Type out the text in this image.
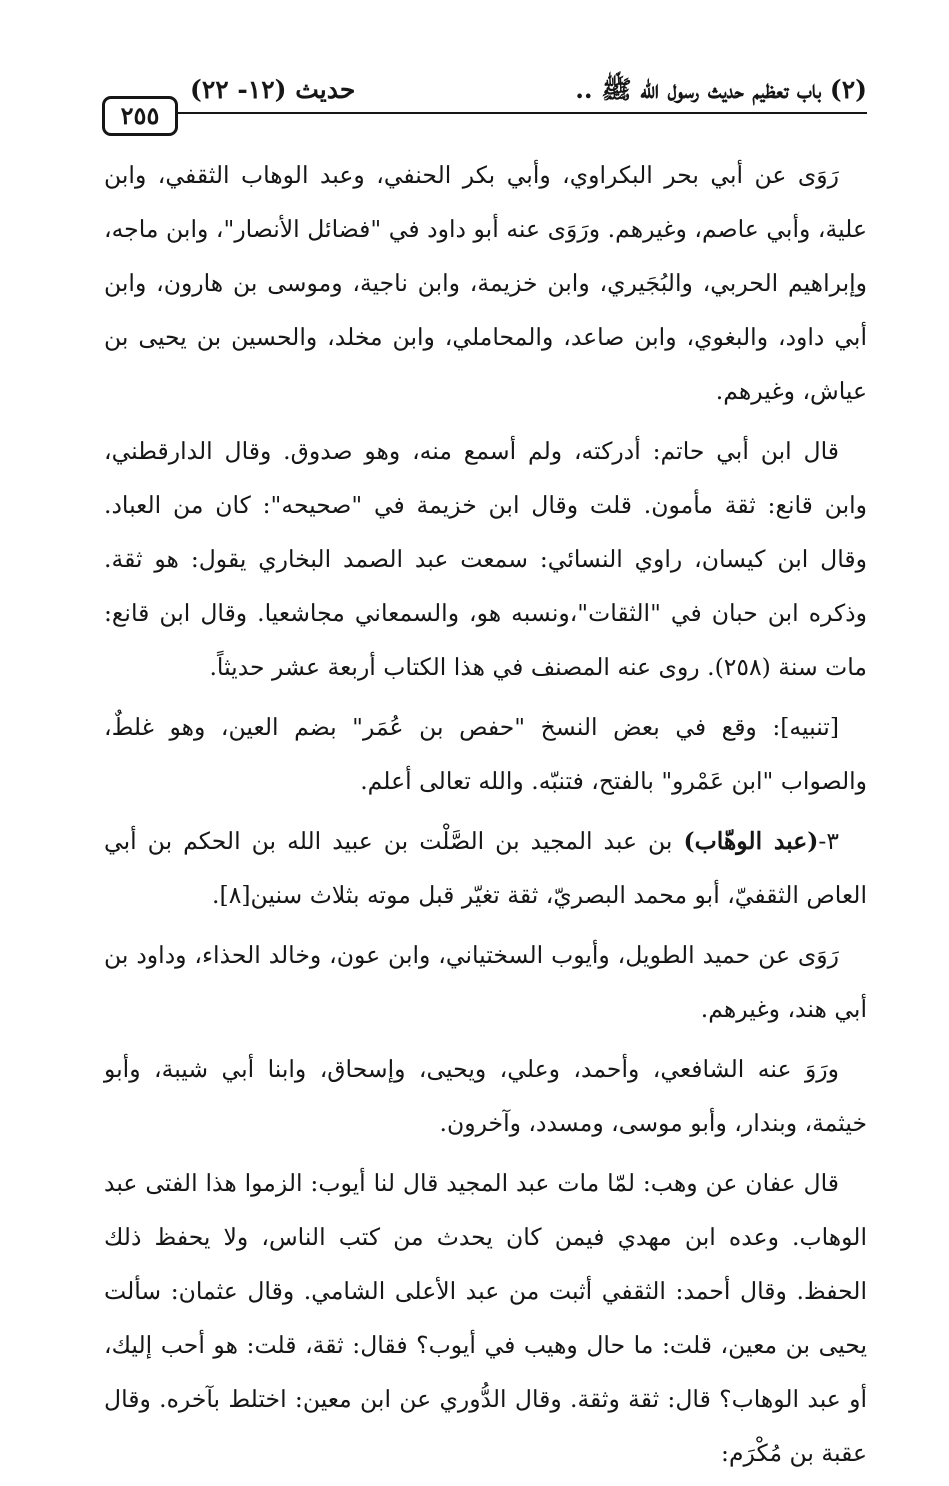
(٢) باب تعظيم حديث رسول الله ﷺ ..
حديث (١٢- ٢٢)
٢٥٥

رَوَى عن أبي بحر البكراوي، وأبي بكر الحنفي، وعبد الوهاب الثقفي، وابن علية، وأبي عاصم، وغيرهم. ورَوَى عنه أبو داود في "فضائل الأنصار"، وابن ماجه، وإبراهيم الحربي، والبُجَيري، وابن خزيمة، وابن ناجية، وموسى بن هارون، وابن أبي داود، والبغوي، وابن صاعد، والمحاملي، وابن مخلد، والحسين بن يحيى بن عياش، وغيرهم.

قال ابن أبي حاتم: أدركته، ولم أسمع منه، وهو صدوق. وقال الدارقطني، وابن قانع: ثقة مأمون. قلت وقال ابن خزيمة في "صحيحه": كان من العباد. وقال ابن كيسان، راوي النسائي: سمعت عبد الصمد البخاري يقول: هو ثقة. وذكره ابن حبان في "الثقات"،ونسبه هو، والسمعاني مجاشعيا. وقال ابن قانع: مات سنة (٢٥٨). روى عنه المصنف في هذا الكتاب أربعة عشر حديثاً.

[تنبيه]: وقع في بعض النسخ "حفص بن عُمَر" بضم العين، وهو غلطٌ، والصواب "ابن عَمْرو" بالفتح، فتنبّه. والله تعالى أعلم.

٣-(عبد الوهّاب) بن عبد المجيد بن الصَّلْت بن عبيد الله بن الحكم بن أبي العاص الثقفيّ، أبو محمد البصريّ، ثقة تغيّر قبل موته بثلاث سنين[٨].

رَوَى عن حميد الطويل، وأيوب السختياني، وابن عون، وخالد الحذاء، وداود بن أبي هند، وغيرهم.

ورَوَ عنه الشافعي، وأحمد، وعلي، ويحيى، وإسحاق، وابنا أبي شيبة، وأبو خيثمة، وبندار، وأبو موسى، ومسدد، وآخرون.

قال عفان عن وهب: لمّا مات عبد المجيد قال لنا أيوب: الزموا هذا الفتى عبد الوهاب. وعده ابن مهدي فيمن كان يحدث من كتب الناس، ولا يحفظ ذلك الحفظ. وقال أحمد: الثقفي أثبت من عبد الأعلى الشامي. وقال عثمان: سألت يحيى بن معين، قلت: ما حال وهيب في أيوب؟ فقال: ثقة، قلت: هو أحب إليك، أو عبد الوهاب؟ قال: ثقة وثقة. وقال الدُّوري عن ابن معين: اختلط بآخره. وقال عقبة بن مُكْرَم:
